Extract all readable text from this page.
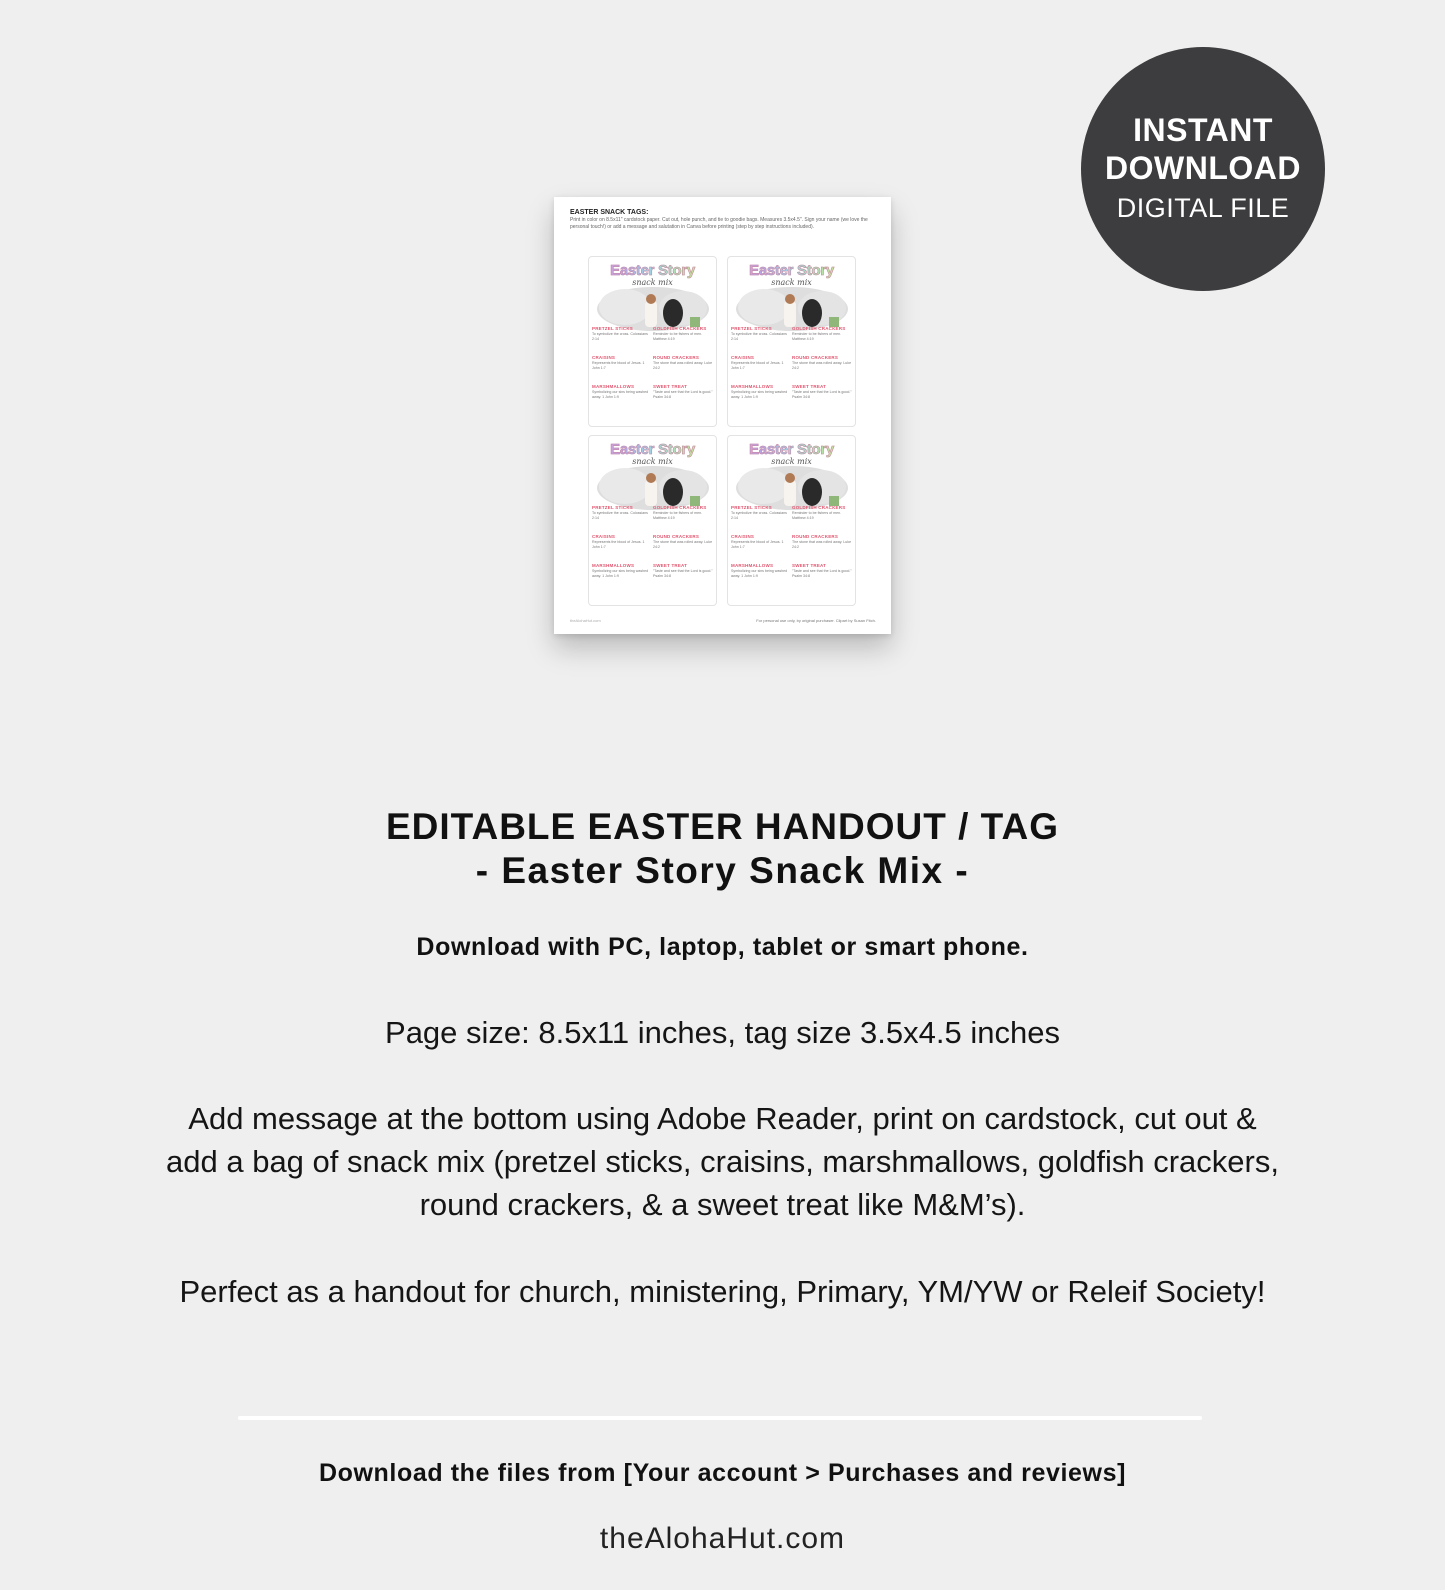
INSTANT
DOWNLOAD
DIGITAL FILE
EASTER SNACK TAGS:
Print in color on 8.5x11" cardstock paper. Cut out, hole punch, and tie to goodie bags. Measures 3.5x4.5". Sign your name (we love the personal touch!) or add a message and salutation in Canva before printing (step by step instructions included).
Easter Story
snack mix
PRETZEL STICKS
To symbolize the cross. Colossians 2:14
GOLDFISH CRACKERS
Reminder to be fishers of men. Matthew 4:19
CRAISINS
Represents the blood of Jesus. 1 John 1:7
ROUND CRACKERS
The stone that was rolled away. Luke 24:2
MARSHMALLOWS
Symbolizing our sins being washed away. 1 John 1:9
SWEET TREAT
"Taste and see that the Lord is good." Psalm 34:8
Easter Story
snack mix
PRETZEL STICKS
To symbolize the cross. Colossians 2:14
GOLDFISH CRACKERS
Reminder to be fishers of men. Matthew 4:19
CRAISINS
Represents the blood of Jesus. 1 John 1:7
ROUND CRACKERS
The stone that was rolled away. Luke 24:2
MARSHMALLOWS
Symbolizing our sins being washed away. 1 John 1:9
SWEET TREAT
"Taste and see that the Lord is good." Psalm 34:8
Easter Story
snack mix
PRETZEL STICKS
To symbolize the cross. Colossians 2:14
GOLDFISH CRACKERS
Reminder to be fishers of men. Matthew 4:19
CRAISINS
Represents the blood of Jesus. 1 John 1:7
ROUND CRACKERS
The stone that was rolled away. Luke 24:2
MARSHMALLOWS
Symbolizing our sins being washed away. 1 John 1:9
SWEET TREAT
"Taste and see that the Lord is good." Psalm 34:8
Easter Story
snack mix
PRETZEL STICKS
To symbolize the cross. Colossians 2:14
GOLDFISH CRACKERS
Reminder to be fishers of men. Matthew 4:19
CRAISINS
Represents the blood of Jesus. 1 John 1:7
ROUND CRACKERS
The stone that was rolled away. Luke 24:2
MARSHMALLOWS
Symbolizing our sins being washed away. 1 John 1:9
SWEET TREAT
"Taste and see that the Lord is good." Psalm 34:8
theAlohaHut.com	For personal use only, by original purchaser. Clipart by Susan Fitch.
EDITABLE EASTER HANDOUT / TAG
- Easter Story Snack Mix -
Download with PC, laptop, tablet or smart phone.
Page size: 8.5x11 inches, tag size 3.5x4.5 inches
Add message at the bottom using Adobe Reader, print on cardstock, cut out &
add a bag of snack mix (pretzel sticks, craisins, marshmallows, goldfish crackers,
round crackers, & a sweet treat like M&M’s).
Perfect as a handout for church, ministering, Primary, YM/YW or Releif Society!
Download the files from [Your account > Purchases and reviews]
theAlohaHut.com
